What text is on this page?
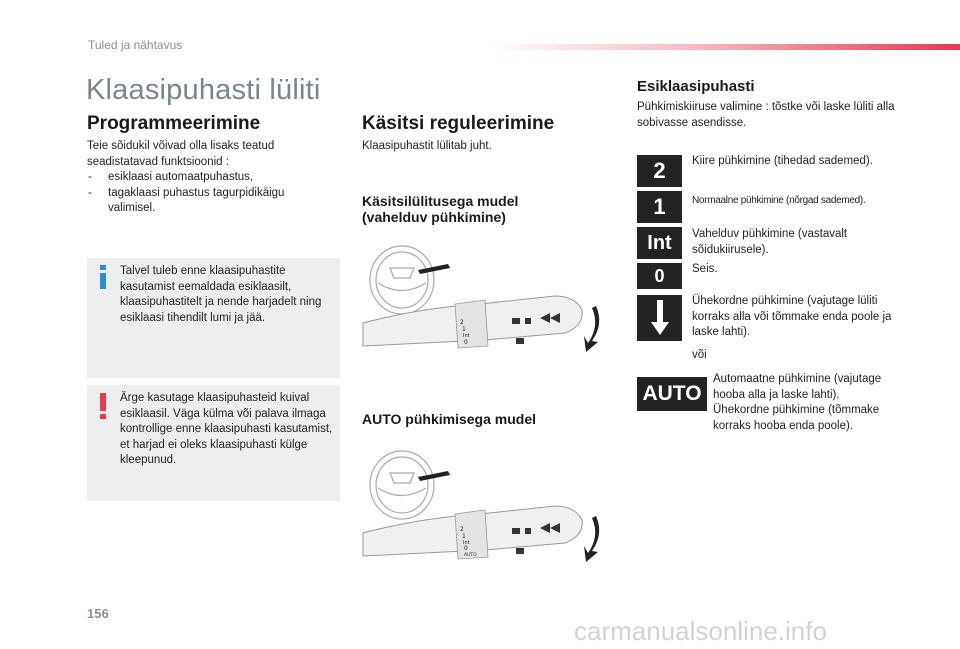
Tuled ja nähtavus
Klaasipuhasti lüliti
Programmeerimine
Teie sõidukil võivad olla lisaks teatud seadistatavad funktsioonid :
- esiklaasi automaatpuhastus,
- tagaklaasi puhastus tagurpidikäigu valimisel.
Talvel tuleb enne klaasipuhastite kasutamist eemaldada esiklaasilt, klaasipuhastitelt ja nende harjadelt ning esiklaasi tihendilt lumi ja jää.
Ärge kasutage klaasipuhasteid kuival esiklaasil. Väga külma või palava ilmaga kontrollige enne klaasipuhasti kasutamist, et harjad ei oleks klaasipuhasti külge kleepunud.
Käsitsi reguleerimine
Klaasipuhastit lülitab juht.
Käsitsilülitusega mudel
(vahelduv pühkimine)
2
1
Int
0
AUTO pühkimisega mudel
2
1
Int
0
AUTO
Esiklaasipuhasti
Pühkimiskiiruse valimine : tõstke või laske lüliti alla sobivasse asendisse.
2	Kiire pühkimine (tihedad sademed).
1	Normaalne pühkimine (nõrgad sademed).
Int	Vahelduv pühkimine (vastavalt sõidukiirusele).
0	Seis.
Ühekordne pühkimine (vajutage lüliti korraks alla või tõmmake enda poole ja laske lahti).
või
AUTO
Automaatne pühkimine (vajutage hooba alla ja laske lahti). Ühekordne pühkimine (tõmmake korraks hooba enda poole).
156
carmanualsonline.info
